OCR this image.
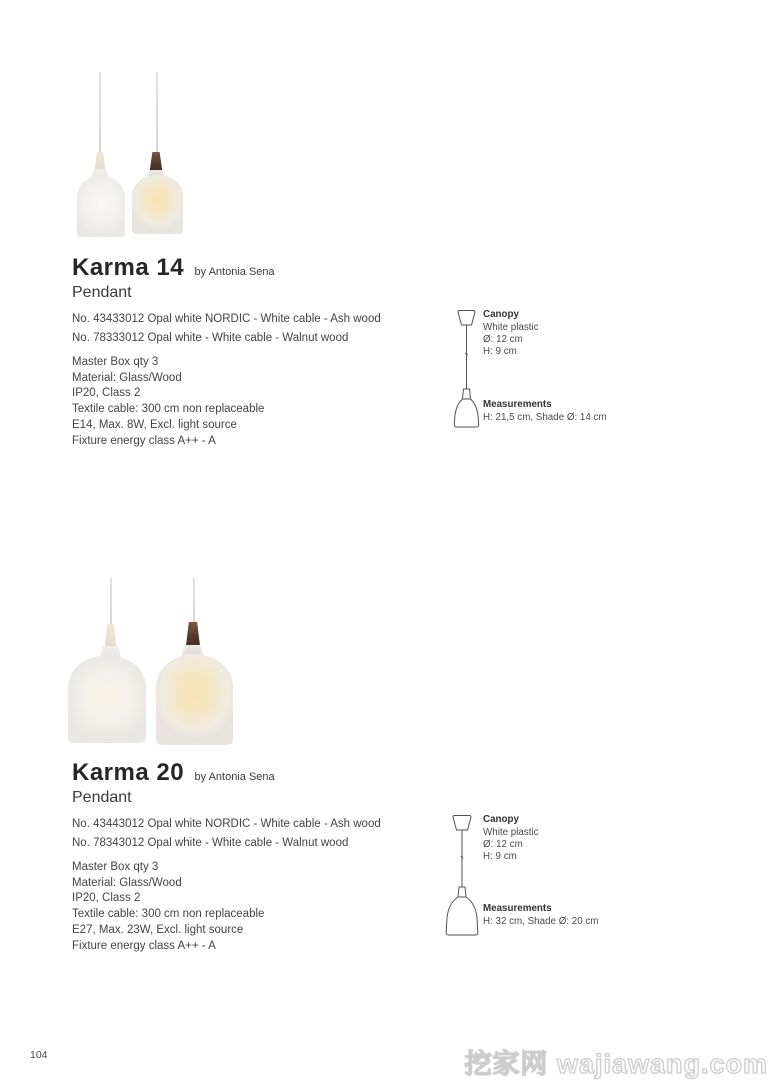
Karma 14 by Antonia Sena
Pendant
No. 43433012 Opal white NORDIC - White cable - Ash wood
No. 78333012 Opal white - White cable - Walnut wood
Master Box qty 3
Material: Glass/Wood
IP20, Class 2
Textile cable: 300 cm non replaceable
E14, Max. 8W, Excl. light source
Fixture energy class A++ - A
Canopy
White plastic
Ø: 12 cm
H: 9 cm
Measurements
H: 21,5 cm, Shade Ø: 14 cm
Karma 20 by Antonia Sena
Pendant
No. 43443012 Opal white NORDIC - White cable - Ash wood
No. 78343012 Opal white - White cable - Walnut wood
Master Box qty 3
Material: Glass/Wood
IP20, Class 2
Textile cable: 300 cm non replaceable
E27, Max. 23W, Excl. light source
Fixture energy class A++ - A
Canopy
White plastic
Ø: 12 cm
H: 9 cm
Measurements
H: 32 cm, Shade Ø: 20 cm
104	挖家网 wajiawang.com
